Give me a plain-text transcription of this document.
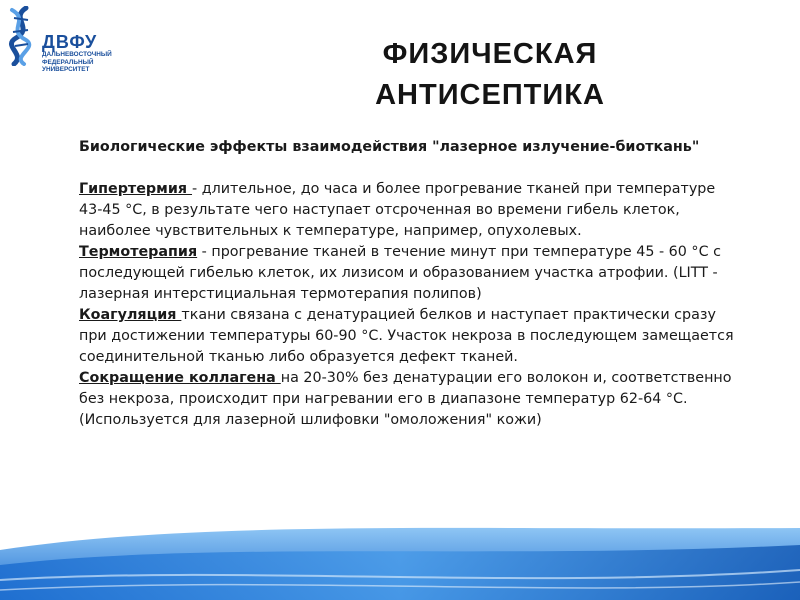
ДВФУ
ДАЛЬНЕВОСТОЧНЫЙ
ФЕДЕРАЛЬНЫЙ
УНИВЕРСИТЕТ	ФИЗИЧЕСКАЯ
АНТИСЕПТИКА

Биологические эффекты взаимодействия "лазерное излучение-биоткань"

Гипертермия - длительное, до часа и более прогревание тканей при температуре 43-45 °С, в результате чего наступает отсроченная во времени гибель клеток, наиболее чувствительных к температуре, например, опухолевых.

Термотерапия - прогревание тканей в течение минут при температуре 45 - 60 °С с последующей гибелью клеток, их лизисом и образованием участка атрофии. (LITT - лазерная интерстициальная термотерапия полипов)

Коагуляция ткани связана с денатурацией белков и наступает практически сразу при достижении температуры 60-90 °С. Участок некроза в последующем замещается соединительной тканью либо образуется дефект тканей.

Сокращение коллагена на 20-30% без денатурации его волокон и, соответственно без некроза, происходит при нагревании его в диапазоне температур 62-64 °С.(Используется для лазерной шлифовки "омоложения" кожи)
